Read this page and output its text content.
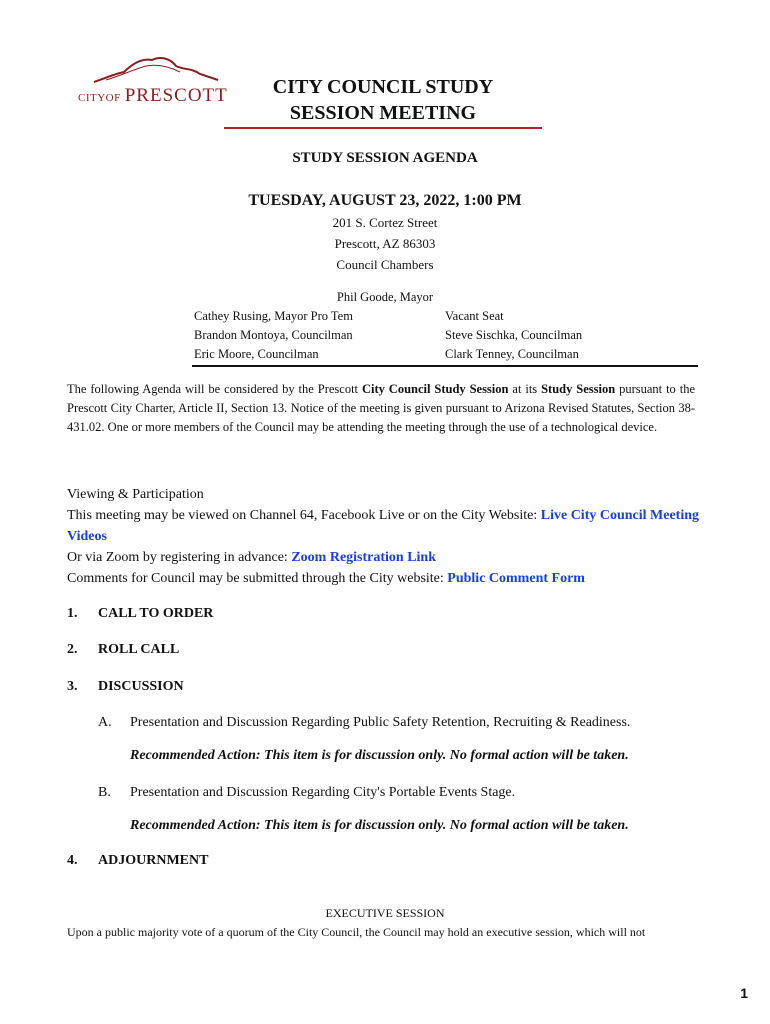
CITYOF PRESCOTT	CITY COUNCIL STUDY
SESSION MEETING
STUDY SESSION AGENDA
TUESDAY, AUGUST 23, 2022, 1:00 PM
201 S. Cortez Street
Prescott, AZ 86303
Council Chambers
Phil Goode, Mayor
Cathey Rusing, Mayor Pro Tem
Brandon Montoya, Councilman
Eric Moore, Councilman
Vacant Seat
Steve Sischka, Councilman
Clark Tenney, Councilman
The following Agenda will be considered by the Prescott City Council Study Session at its Study Session pursuant to the Prescott City Charter, Article II, Section 13. Notice of the meeting is given pursuant to Arizona Revised Statutes, Section 38-431.02. One or more members of the Council may be attending the meeting through the use of a technological device.
Viewing & Participation
This meeting may be viewed on Channel 64, Facebook Live or on the City Website: Live City Council Meeting Videos
Or via Zoom by registering in advance: Zoom Registration Link
Comments for Council may be submitted through the City website: Public Comment Form
1. CALL TO ORDER
2. ROLL CALL
3. DISCUSSION
A. Presentation and Discussion Regarding Public Safety Retention, Recruiting & Readiness.
Recommended Action: This item is for discussion only. No formal action will be taken.
B. Presentation and Discussion Regarding City's Portable Events Stage.
Recommended Action: This item is for discussion only. No formal action will be taken.
4. ADJOURNMENT
EXECUTIVE SESSION
Upon a public majority vote of a quorum of the City Council, the Council may hold an executive session, which will not
1
